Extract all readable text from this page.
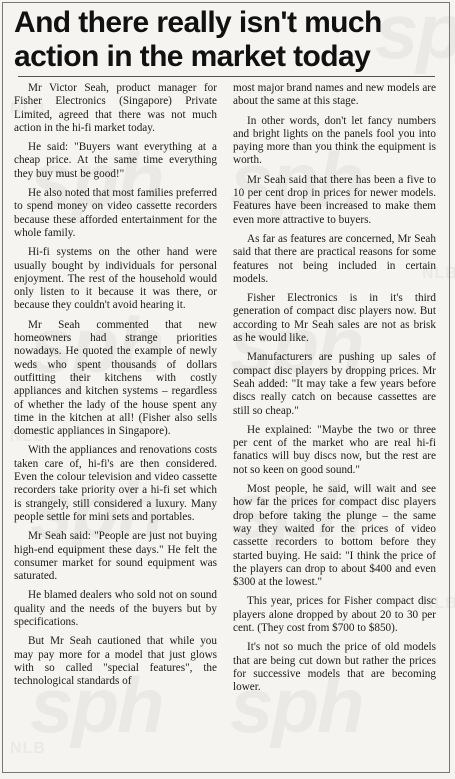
And there really isn't much action in the market today

Mr Victor Seah, product manager for Fisher Electronics (Singapore) Private Limited, agreed that there was not much action in the hi-fi market today.

He said: "Buyers want everything at a cheap price. At the same time everything they buy must be good!"

He also noted that most families preferred to spend money on video cassette recorders because these afforded entertainment for the whole family.

Hi-fi systems on the other hand were usually bought by individuals for personal enjoyment. The rest of the household would only listen to it because it was there, or because they couldn't avoid hearing it.

Mr Seah commented that new homeowners had strange priorities nowadays. He quoted the example of newly weds who spent thousands of dollars outfitting their kitchens with costly appliances and kitchen systems – regardless of whether the lady of the house spent any time in the kitchen at all! (Fisher also sells domestic appliances in Singapore).

With the appliances and renovations costs taken care of, hi-fi's are then considered. Even the colour television and video cassette recorders take priority over a hi-fi set which is strangely, still considered a luxury. Many people settle for mini sets and portables.

Mr Seah said: "People are just not buying high-end equipment these days." He felt the consumer market for sound equipment was saturated.

He blamed dealers who sold not on sound quality and the needs of the buyers but by specifications.

But Mr Seah cautioned that while you may pay more for a model that just glows with so called "special features", the technological standards of

most major brand names and new models are about the same at this stage.

In other words, don't let fancy numbers and bright lights on the panels fool you into paying more than you think the equipment is worth.

Mr Seah said that there has been a five to 10 per cent drop in prices for newer models. Features have been increased to make them even more attractive to buyers.

As far as features are concerned, Mr Seah said that there are practical reasons for some features not being included in certain models.

Fisher Electronics is in it's third generation of compact disc players now. But according to Mr Seah sales are not as brisk as he would like.

Manufacturers are pushing up sales of compact disc players by dropping prices. Mr Seah added: "It may take a few years before discs really catch on because cassettes are still so cheap."

He explained: "Maybe the two or three per cent of the market who are real hi-fi fanatics will buy discs now, but the rest are not so keen on good sound."

Most people, he said, will wait and see how far the prices for compact disc players drop before taking the plunge – the same way they waited for the prices of video cassette recorders to bottom before they started buying. He said: "I think the price of the players can drop to about $400 and even $300 at the lowest."

This year, prices for Fisher compact disc players alone dropped by about 20 to 30 per cent. (They cost from $700 to $850).

It's not so much the price of old models that are being cut down but rather the prices for successive models that are becoming lower.
